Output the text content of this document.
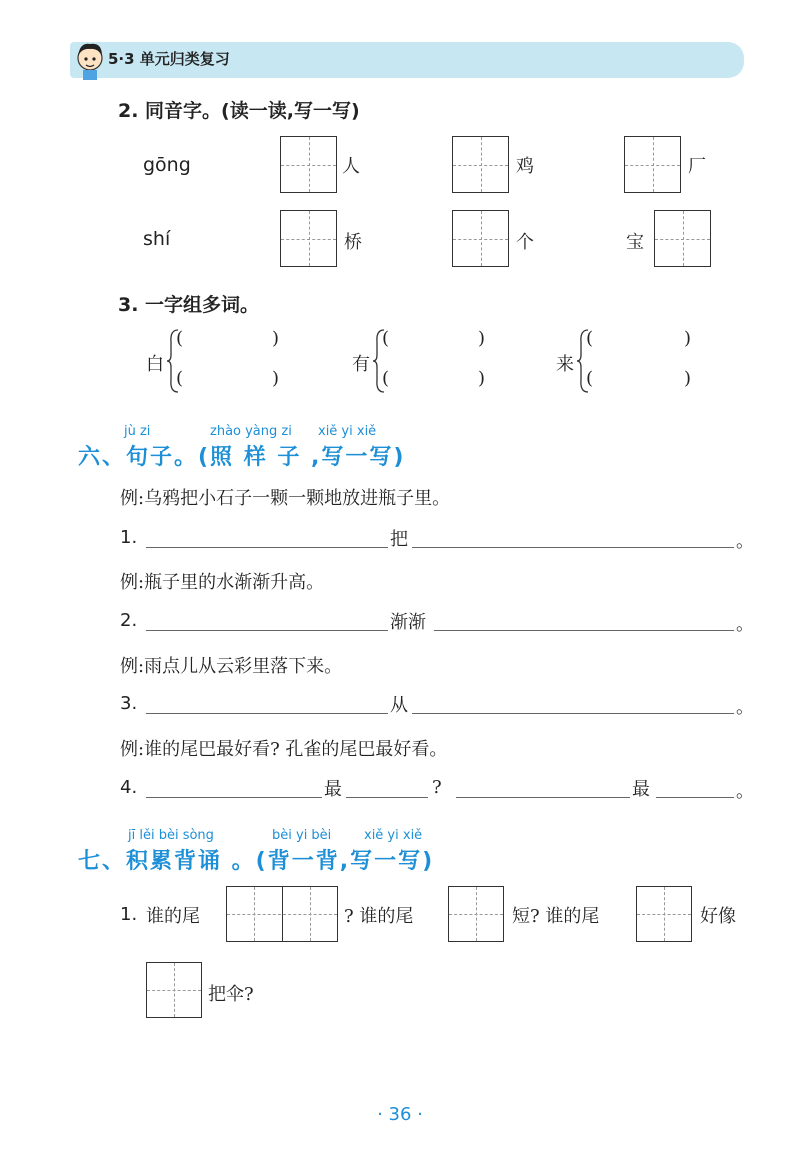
5·3 单元归类复习
2. 同音字。(读一读,写一写)
gōng	人	鸡	厂
shí	桥	个	宝
3. 一字组多词。
白
(	)
(	)
有
(	)
(	)
来
(	)
(	)
jù zi	zhào yàng zi xiě yi xiě
六、句子。(照 样 子 ,写一写)
例:乌鸦把小石子一颗一颗地放进瓶子里。
1.	把	。
例:瓶子里的水渐渐升高。
2.	渐渐	。
例:雨点儿从云彩里落下来。
3.	从	。
例:谁的尾巴最好看? 孔雀的尾巴最好看。
4.	最	?	最	。
jī lěi bèi sòng	bèi yi bèi	xiě yi xiě
七、积累背诵 。(背一背,写一写)
1. 谁的尾	? 谁的尾	短? 谁的尾	好像
把伞?
· 36 ·
